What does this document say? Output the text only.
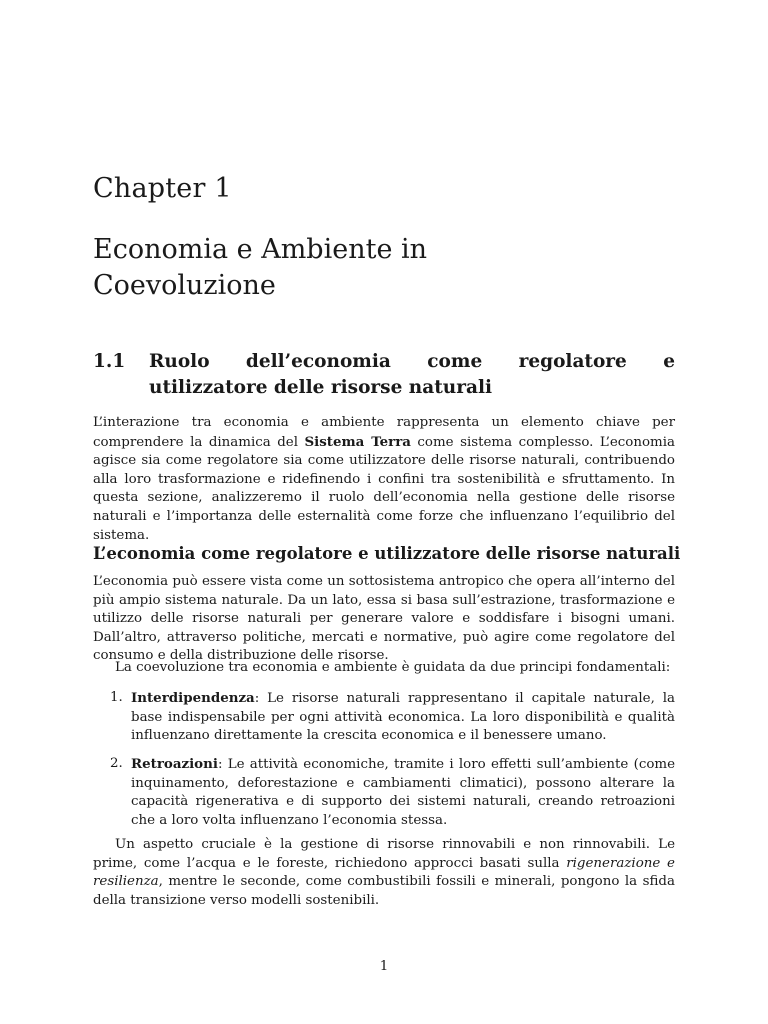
Chapter 1
Economia e Ambiente in Coevoluzione
1.1	Ruolo dell’economia come regolatore e utilizzatore delle risorse naturali

L’interazione tra economia e ambiente rappresenta un elemento chiave per comprendere la dinamica del Sistema Terra come sistema complesso. L’economia agisce sia come regolatore sia come utilizzatore delle risorse naturali, contribuendo alla loro trasformazione e ridefinendo i confini tra sostenibilità e sfruttamento. In questa sezione, analizzeremo il ruolo dell’economia nella gestione delle risorse naturali e l’importanza delle esternalità come forze che influenzano l’equilibrio del sistema.

L’economia come regolatore e utilizzatore delle risorse naturali

L’economia può essere vista come un sottosistema antropico che opera all’interno del più ampio sistema naturale. Da un lato, essa si basa sull’estrazione, trasformazione e utilizzo delle risorse naturali per generare valore e soddisfare i bisogni umani. Dall’altro, attraverso politiche, mercati e normative, può agire come regolatore del consumo e della distribuzione delle risorse.

La coevoluzione tra economia e ambiente è guidata da due principi fondamentali:

1. Interdipendenza: Le risorse naturali rappresentano il capitale naturale, la base indispensabile per ogni attività economica. La loro disponibilità e qualità influenzano direttamente la crescita economica e il benessere umano.
2. Retroazioni: Le attività economiche, tramite i loro effetti sull’ambiente (come inquinamento, deforestazione e cambiamenti climatici), possono alterare la capacità rigenerativa e di supporto dei sistemi naturali, creando retroazioni che a loro volta influenzano l’economia stessa.

Un aspetto cruciale è la gestione di risorse rinnovabili e non rinnovabili. Le prime, come l’acqua e le foreste, richiedono approcci basati sulla rigenerazione e resilienza, mentre le seconde, come combustibili fossili e minerali, pongono la sfida della transizione verso modelli sostenibili.

1
